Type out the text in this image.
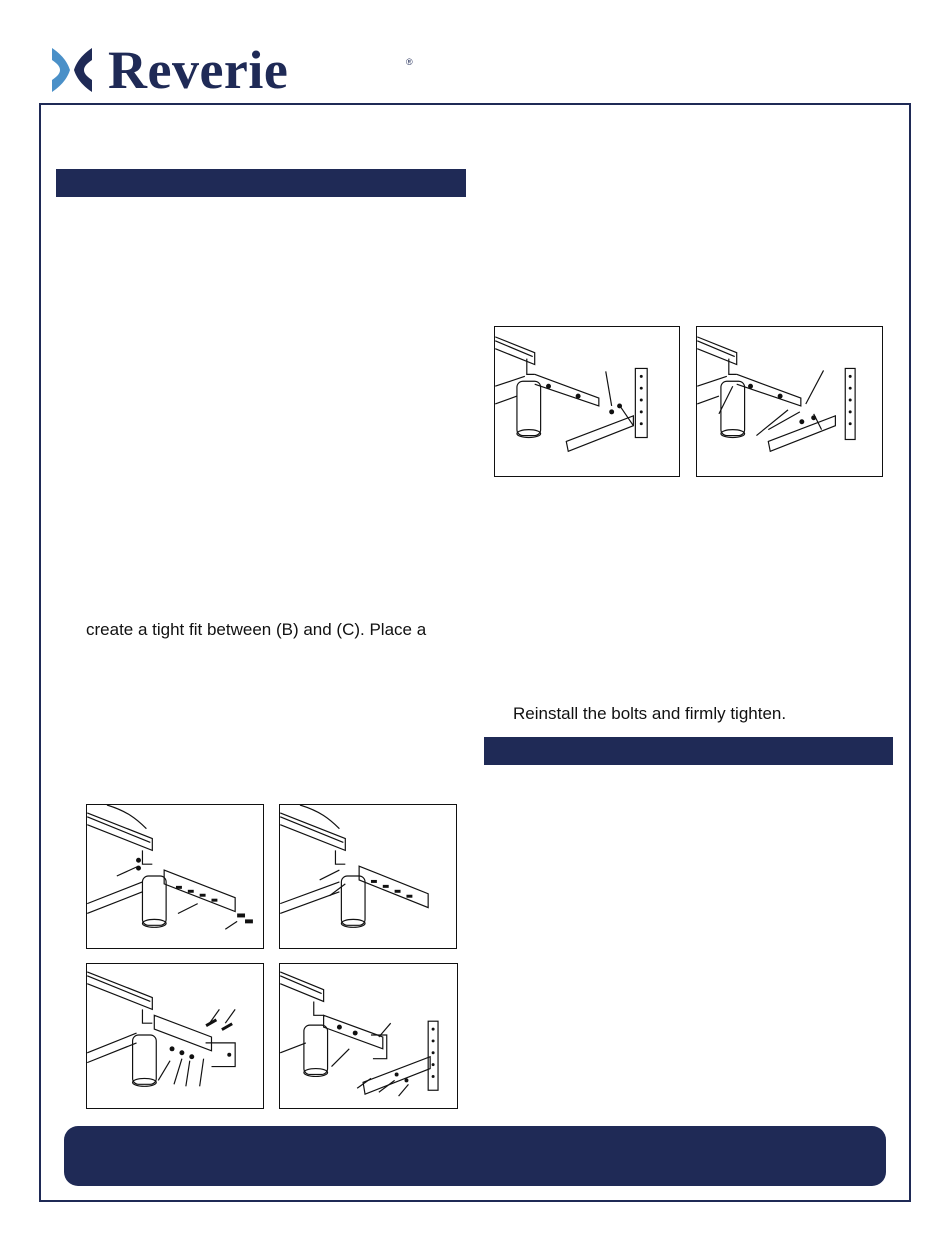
Reverie	®
create a tight fit between (B) and (C). Place a
Reinstall the bolts and firmly tighten.
